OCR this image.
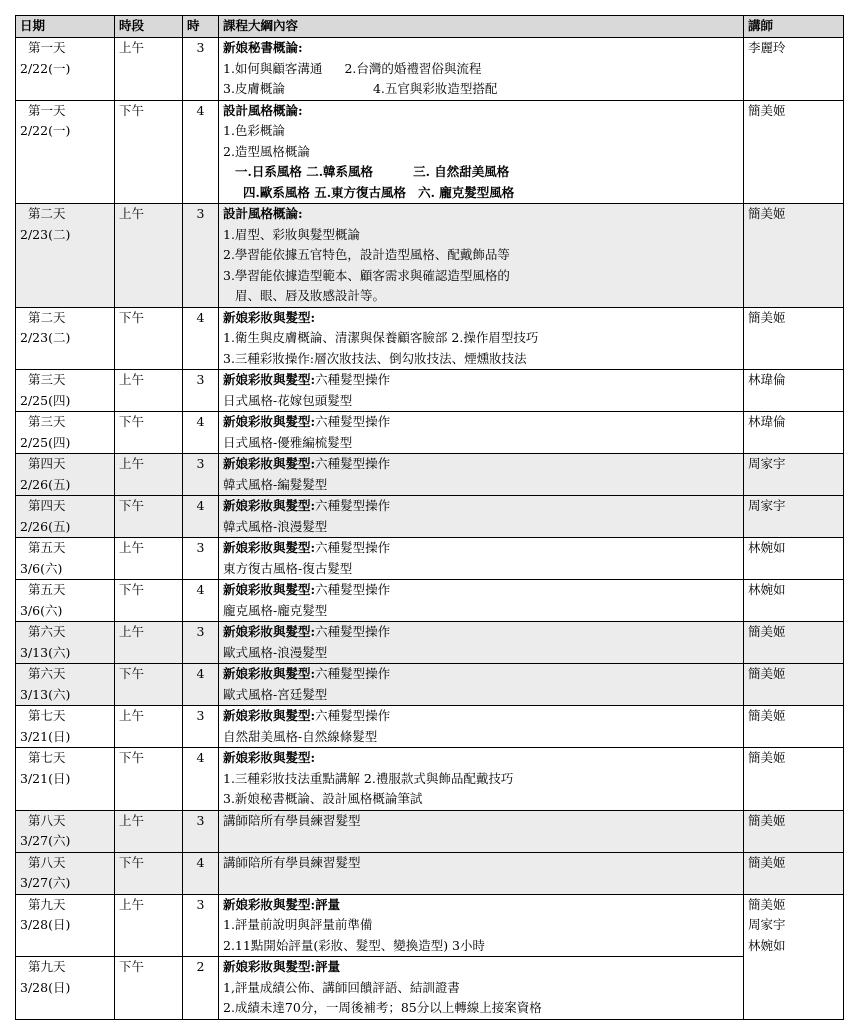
日期	時段	時	課程大綱內容	講師

第一天
2/22(一)	上午	3	新娘秘書概論:
1.如何與顧客溝通 2.台灣的婚禮習俗與流程
3.皮膚概論 4.五官與彩妝造型搭配	李麗玲

第一天
2/22(一)	下午	4	設計風格概論:
1.色彩概論
2.造型風格概論
一.日系風格 二.韓系風格 三. 自然甜美風格
四.歐系風格 五.東方復古風格 六. 龐克髮型風格	簡美姬

第二天
2/23(二)	上午	3	設計風格概論:
1.眉型、彩妝與髮型概論
2.學習能依據五官特色，設計造型風格、配戴飾品等
3.學習能依據造型範本、顧客需求與確認造型風格的
眉、眼、唇及妝感設計等。	簡美姬

第二天
2/23(二)	下午	4	新娘彩妝與髮型:
1.衛生與皮膚概論、清潔與保養顧客臉部 2.操作眉型技巧
3.三種彩妝操作:層次妝技法、倒勾妝技法、煙燻妝技法	簡美姬

第三天
2/25(四)	上午	3	新娘彩妝與髮型:六種髮型操作
日式風格-花嫁包頭髮型	林瑋倫

第三天
2/25(四)	下午	4	新娘彩妝與髮型:六種髮型操作
日式風格-優雅編梳髮型	林瑋倫

第四天
2/26(五)	上午	3	新娘彩妝與髮型:六種髮型操作
韓式風格-編髮髮型	周家宇

第四天
2/26(五)	下午	4	新娘彩妝與髮型:六種髮型操作
韓式風格-浪漫髮型	周家宇

第五天
3/6(六)	上午	3	新娘彩妝與髮型:六種髮型操作
東方復古風格-復古髮型	林婉如

第五天
3/6(六)	下午	4	新娘彩妝與髮型:六種髮型操作
龐克風格-龐克髮型	林婉如

第六天
3/13(六)	上午	3	新娘彩妝與髮型:六種髮型操作
歐式風格-浪漫髮型	簡美姬

第六天
3/13(六)	下午	4	新娘彩妝與髮型:六種髮型操作
歐式風格-宮廷髮型	簡美姬

第七天
3/21(日)	上午	3	新娘彩妝與髮型:六種髮型操作
自然甜美風格-自然線條髮型	簡美姬

第七天
3/21(日)	下午	4	新娘彩妝與髮型:
1.三種彩妝技法重點講解 2.禮服款式與飾品配戴技巧
3.新娘秘書概論、設計風格概論筆試	簡美姬

第八天
3/27(六)	上午	3	講師陪所有學員練習髮型	簡美姬

第八天
3/27(六)	下午	4	講師陪所有學員練習髮型	簡美姬

第九天
3/28(日)	上午	3	新娘彩妝與髮型:評量
1.評量前說明與評量前準備
2.11點開始評量(彩妝、髮型、變換造型) 3小時	簡美姬
周家宇
林婉如

第九天
3/28(日)	下午	2	新娘彩妝與髮型:評量
1,評量成績公佈、講師回饋評語、結訓證書
2.成績未達70分，一周後補考；85分以上轉線上接案資格	
